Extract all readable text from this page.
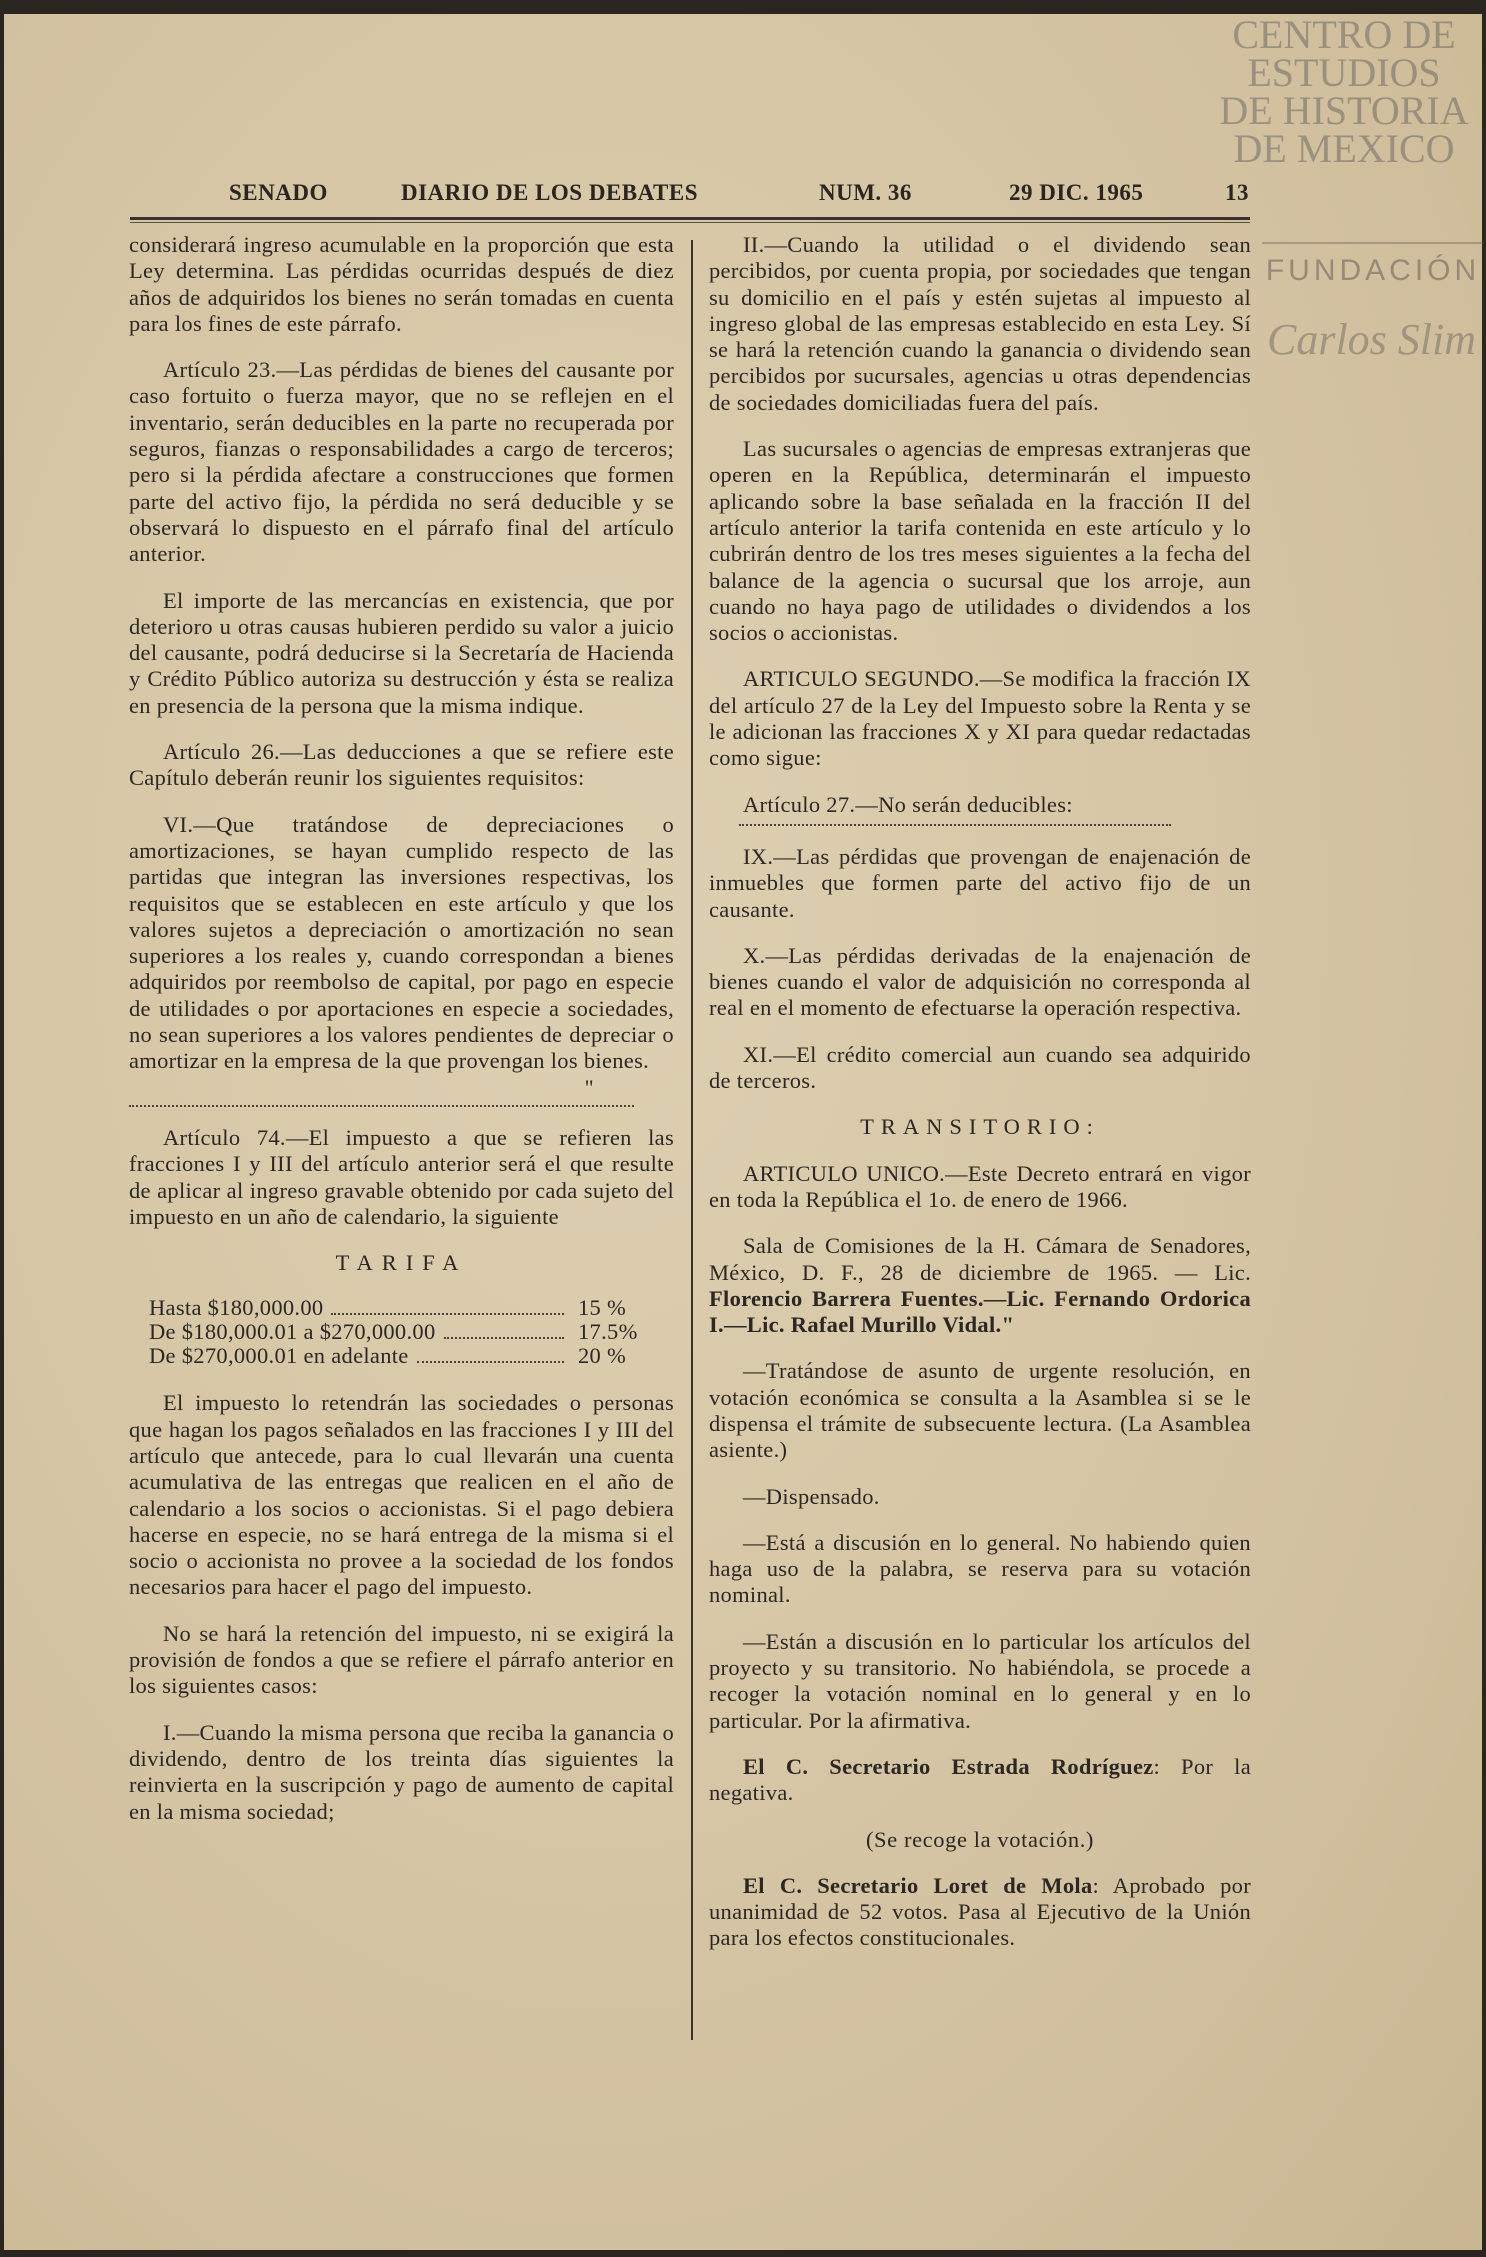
CENTRO DE
ESTUDIOS
DE HISTORIA
DE MEXICO
FUNDACIÓN
Carlos Slim
SENADO	DIARIO DE LOS DEBATES	NUM. 36	29 DIC. 1965	13

considerará ingreso acumulable en la proporción que esta Ley determina. Las pérdidas ocurridas después de diez años de adquiridos los bienes no serán tomadas en cuenta para los fines de este párrafo.

Artículo 23.—Las pérdidas de bienes del causante por caso fortuito o fuerza mayor, que no se reflejen en el inventario, serán deducibles en la parte no recuperada por seguros, fianzas o responsabilidades a cargo de terceros; pero si la pérdida afectare a construcciones que formen parte del activo fijo, la pérdida no será deducible y se observará lo dispuesto en el párrafo final del artículo anterior.

El importe de las mercancías en existencia, que por deterioro u otras causas hubieren perdido su valor a juicio del causante, podrá deducirse si la Secretaría de Hacienda y Crédito Público autoriza su destrucción y ésta se realiza en presencia de la persona que la misma indique.

Artículo 26.—Las deducciones a que se refiere este Capítulo deberán reunir los siguientes requisitos:

VI.—Que tratándose de depreciaciones o amortizaciones, se hayan cumplido respecto de las partidas que integran las inversiones respectivas, los requisitos que se establecen en este artículo y que los valores sujetos a depreciación o amortización no sean superiores a los reales y, cuando correspondan a bienes adquiridos por reembolso de capital, por pago en especie de utilidades o por aportaciones en especie a sociedades, no sean superiores a los valores pendientes de depreciar o amortizar en la empresa de la que provengan los bienes.

"

Artículo 74.—El impuesto a que se refieren las fracciones I y III del artículo anterior será el que resulte de aplicar al ingreso gravable obtenido por cada sujeto del impuesto en un año de calendario, la siguiente

TARIFA

Hasta $180,000.00	15 %
De $180,000.01 a $270,000.00	17.5%
De $270,000.01 en adelante	20 %

El impuesto lo retendrán las sociedades o personas que hagan los pagos señalados en las fracciones I y III del artículo que antecede, para lo cual llevarán una cuenta acumulativa de las entregas que realicen en el año de calendario a los socios o accionistas. Si el pago debiera hacerse en especie, no se hará entrega de la misma si el socio o accionista no provee a la sociedad de los fondos necesarios para hacer el pago del impuesto.

No se hará la retención del impuesto, ni se exigirá la provisión de fondos a que se refiere el párrafo anterior en los siguientes casos:

I.—Cuando la misma persona que reciba la ganancia o dividendo, dentro de los treinta días siguientes la reinvierta en la suscripción y pago de aumento de capital en la misma sociedad;

II.—Cuando la utilidad o el dividendo sean percibidos, por cuenta propia, por sociedades que tengan su domicilio en el país y estén sujetas al impuesto al ingreso global de las empresas establecido en esta Ley. Sí se hará la retención cuando la ganancia o dividendo sean percibidos por sucursales, agencias u otras dependencias de sociedades domiciliadas fuera del país.

Las sucursales o agencias de empresas extranjeras que operen en la República, determinarán el impuesto aplicando sobre la base señalada en la fracción II del artículo anterior la tarifa contenida en este artículo y lo cubrirán dentro de los tres meses siguientes a la fecha del balance de la agencia o sucursal que los arroje, aun cuando no haya pago de utilidades o dividendos a los socios o accionistas.

ARTICULO SEGUNDO.—Se modifica la fracción IX del artículo 27 de la Ley del Impuesto sobre la Renta y se le adicionan las fracciones X y XI para quedar redactadas como sigue:

Artículo 27.—No serán deducibles:

IX.—Las pérdidas que provengan de enajenación de inmuebles que formen parte del activo fijo de un causante.

X.—Las pérdidas derivadas de la enajenación de bienes cuando el valor de adquisición no corresponda al real en el momento de efectuarse la operación respectiva.

XI.—El crédito comercial aun cuando sea adquirido de terceros.

TRANSITORIO:

ARTICULO UNICO.—Este Decreto entrará en vigor en toda la República el 1o. de enero de 1966.

Sala de Comisiones de la H. Cámara de Senadores, México, D. F., 28 de diciembre de 1965. — Lic. Florencio Barrera Fuentes.—Lic. Fernando Ordorica I.—Lic. Rafael Murillo Vidal."

—Tratándose de asunto de urgente resolución, en votación económica se consulta a la Asamblea si se le dispensa el trámite de subsecuente lectura. (La Asamblea asiente.)

—Dispensado.

—Está a discusión en lo general. No habiendo quien haga uso de la palabra, se reserva para su votación nominal.

—Están a discusión en lo particular los artículos del proyecto y su transitorio. No habiéndola, se procede a recoger la votación nominal en lo general y en lo particular. Por la afirmativa.

El C. Secretario Estrada Rodríguez: Por la negativa.

(Se recoge la votación.)

El C. Secretario Loret de Mola: Aprobado por unanimidad de 52 votos. Pasa al Ejecutivo de la Unión para los efectos constitucionales.
